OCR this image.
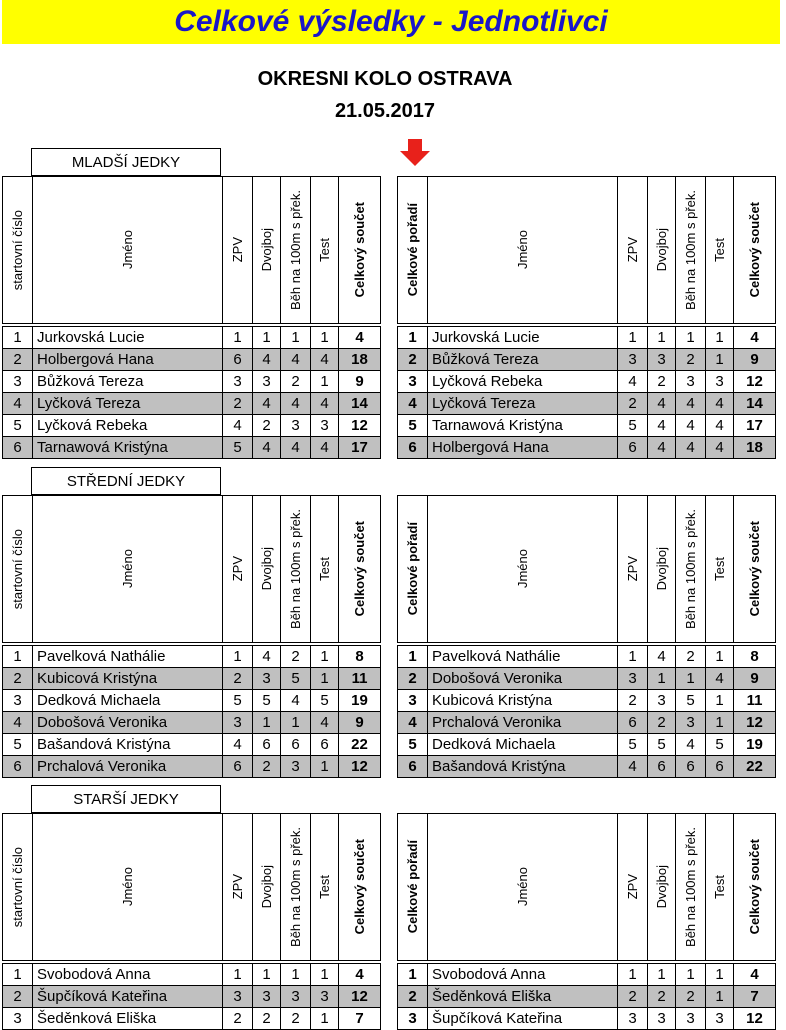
Celkové výsledky - Jednotlivci
OKRESNI KOLO OSTRAVA
21.05.2017
MLADŠÍ JEDKY
startovní číslo	Jméno	ZPV	Dvojboj	Běh na 100m s přek.	Test	Celkový součet

1	Jurkovská Lucie	1	1	1	1	4
2	Holbergová Hana	6	4	4	4	18
3	Bůžková Tereza	3	3	2	1	9
4	Lyčková Tereza	2	4	4	4	14
5	Lyčková Rebeka	4	2	3	3	12
6	Tarnawová Kristýna	5	4	4	4	17
Celkové pořadí	Jméno	ZPV	Dvojboj	Běh na 100m s přek.	Test	Celkový součet

1	Jurkovská Lucie	1	1	1	1	4
2	Bůžková Tereza	3	3	2	1	9
3	Lyčková Rebeka	4	2	3	3	12
4	Lyčková Tereza	2	4	4	4	14
5	Tarnawová Kristýna	5	4	4	4	17
6	Holbergová Hana	6	4	4	4	18
STŘEDNÍ JEDKY
startovní číslo	Jméno	ZPV	Dvojboj	Běh na 100m s přek.	Test	Celkový součet

1	Pavelková Nathálie	1	4	2	1	8
2	Kubicová Kristýna	2	3	5	1	11
3	Dedková Michaela	5	5	4	5	19
4	Dobošová Veronika	3	1	1	4	9
5	Bašandová Kristýna	4	6	6	6	22
6	Prchalová Veronika	6	2	3	1	12
Celkové pořadí	Jméno	ZPV	Dvojboj	Běh na 100m s přek.	Test	Celkový součet

1	Pavelková Nathálie	1	4	2	1	8
2	Dobošová Veronika	3	1	1	4	9
3	Kubicová Kristýna	2	3	5	1	11
4	Prchalová Veronika	6	2	3	1	12
5	Dedková Michaela	5	5	4	5	19
6	Bašandová Kristýna	4	6	6	6	22
STARŠÍ JEDKY
startovní číslo	Jméno	ZPV	Dvojboj	Běh na 100m s přek.	Test	Celkový součet

1	Svobodová Anna	1	1	1	1	4
2	Šupčíková Kateřina	3	3	3	3	12
3	Šeděnková Eliška	2	2	2	1	7
Celkové pořadí	Jméno	ZPV	Dvojboj	Běh na 100m s přek.	Test	Celkový součet

1	Svobodová Anna	1	1	1	1	4
2	Šeděnková Eliška	2	2	2	1	7
3	Šupčíková Kateřina	3	3	3	3	12
